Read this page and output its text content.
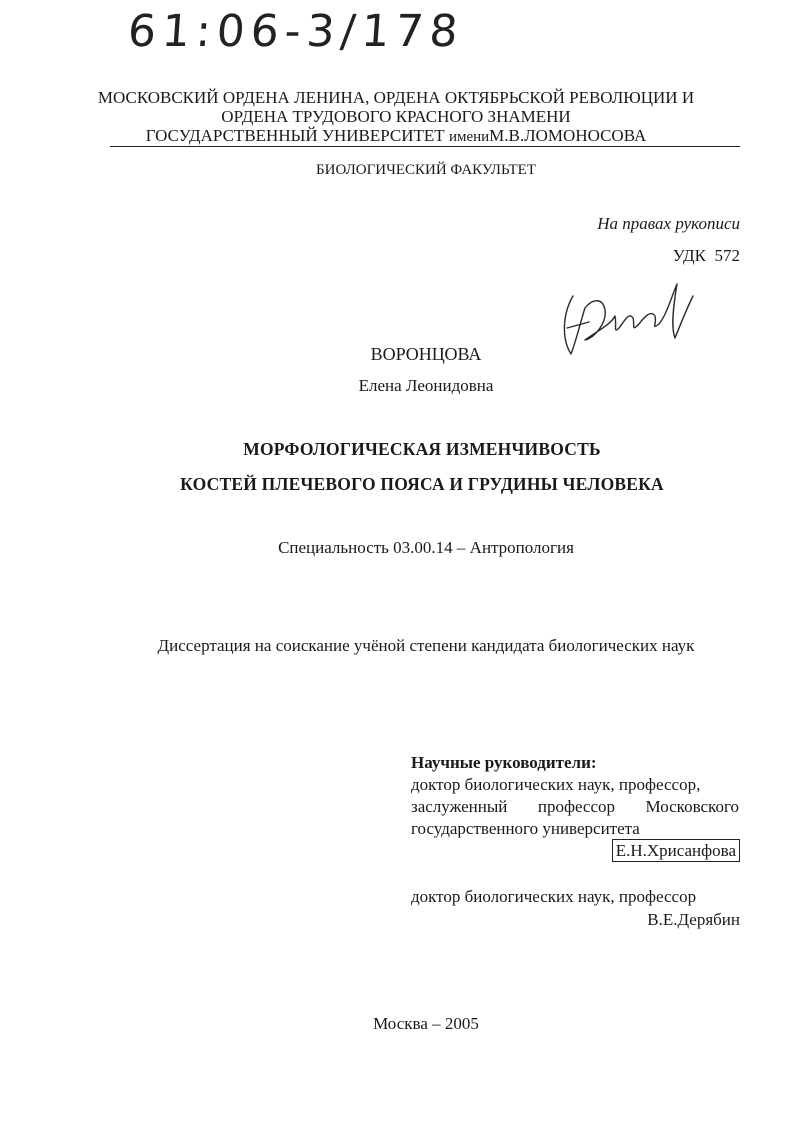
61:06-3/178
МОСКОВСКИЙ ОРДЕНА ЛЕНИНА, ОРДЕНА ОКТЯБРЬСКОЙ РЕВОЛЮЦИИ И
ОРДЕНА ТРУДОВОГО КРАСНОГО ЗНАМЕНИ
ГОСУДАРСТВЕННЫЙ УНИВЕРСИТЕТ имениМ.В.ЛОМОНОСОВА
БИОЛОГИЧЕСКИЙ ФАКУЛЬТЕТ
На правах рукописи
УДК 572
ВОРОНЦОВА
Елена Леонидовна
МОРФОЛОГИЧЕСКАЯ ИЗМЕНЧИВОСТЬ
КОСТЕЙ ПЛЕЧЕВОГО ПОЯСА И ГРУДИНЫ ЧЕЛОВЕКА
Специальность 03.00.14 – Антропология
Диссертация на соискание учёной степени кандидата биологических наук
Научные руководители:
доктор биологических наук, профессор,
заслуженный профессор Московского
государственного университета
Е.Н.Хрисанфова
доктор биологических наук, профессор
В.Е.Дерябин
Москва – 2005
